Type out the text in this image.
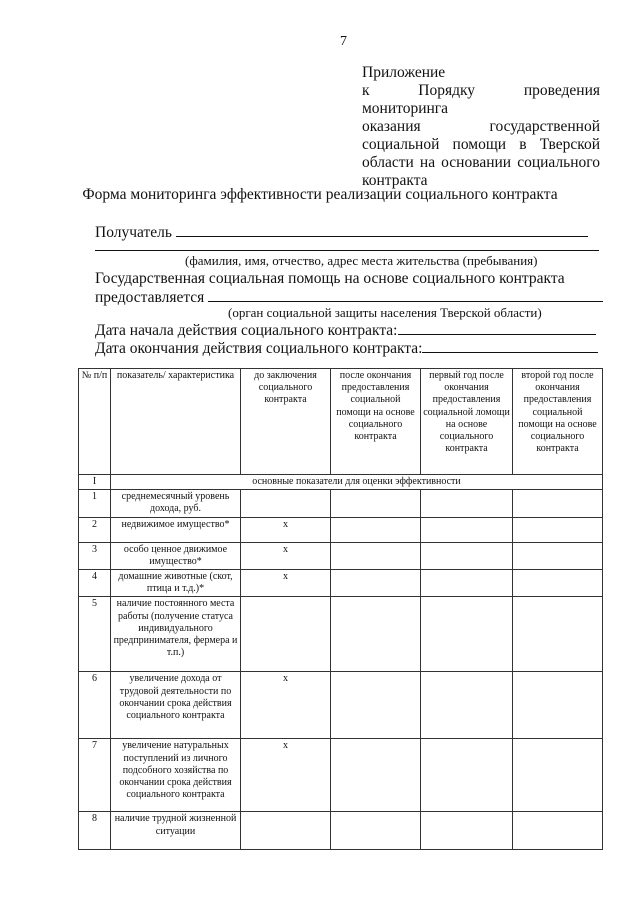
7
Приложение
к Порядку проведения мониторинга
оказания государственной
социальной помощи в Тверской
области на основании социального
контракта
Форма мониторинга эффективности реализации социального контракта
Получатель
(фамилия, имя, отчество, адрес места жительства (пребывания)
Государственная социальная помощь на основе социального контракта
предоставляется
(орган социальной защиты населения Тверской области)
Дата начала действия социального контракта:
Дата окончания действия социального контракта:
№ п/п	показатель/ характеристика	до заключения социального контракта	после окончания предоставления социальной помощи на основе социального контракта	первый год после окончания предоставления социальной ломощи на основе социального контракта	второй год после окончания предоставления социальной помощи на основе социального контракта
I	основные показатели для оценки эффективности				
1	среднемесячный уровень дохода, руб.				
2	недвижимое имущество*	x			
3	особо ценное движимое имущество*	x			
4	домашние животные (скот, птица и т.д.)*	x			
5	наличие постоянного места работы (получение статуса индивидуального предпринимателя, фермера и т.п.)				
6	увеличение дохода от трудовой деятельности по окончании срока действия социального контракта	x			
7	увеличение натуральных поступлений из личного подсобного хозяйства по окончании срока действия социального контракта	x			
8	наличие трудной жизненной ситуации				
